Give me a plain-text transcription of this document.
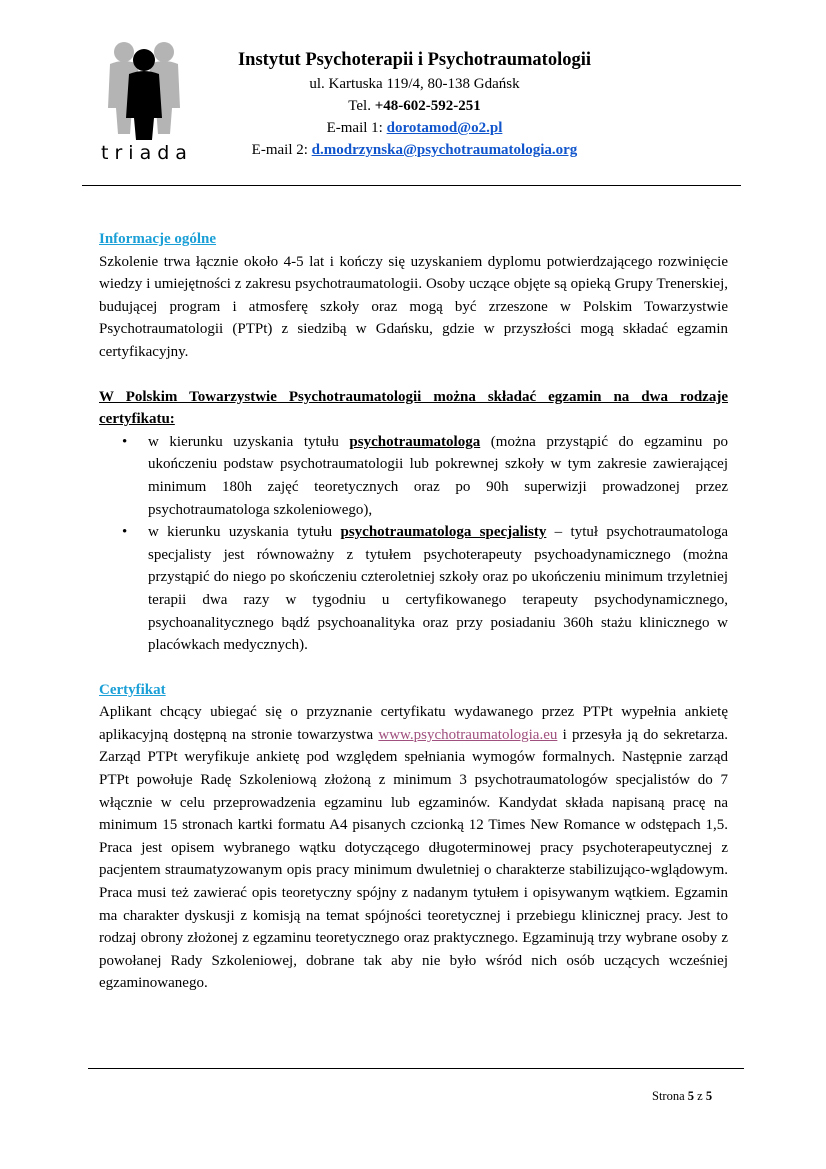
triada
Instytut Psychoterapii i Psychotraumatologii
ul. Kartuska 119/4, 80-138 Gdańsk
Tel. +48-602-592-251
E-mail 1: dorotamod@o2.pl
E-mail 2: d.modrzynska@psychotraumatologia.org
Informacje ogólne

Szkolenie trwa łącznie około 4-5 lat i kończy się uzyskaniem dyplomu potwierdzającego rozwinięcie wiedzy i umiejętności z zakresu psychotraumatologii. Osoby uczące objęte są opieką Grupy Trenerskiej, budującej program i atmosferę szkoły oraz mogą być zrzeszone w Polskim Towarzystwie Psychotraumatologii (PTPt) z siedzibą w Gdańsku, gdzie w przyszłości mogą składać egzamin certyfikacyjny.

W Polskim Towarzystwie Psychotraumatologii można składać egzamin na dwa rodzaje certyfikatu:

• w kierunku uzyskania tytułu psychotraumatologa (można przystąpić do egzaminu po ukończeniu podstaw psychotraumatologii lub pokrewnej szkoły w tym zakresie zawierającej minimum 180h zajęć teoretycznych oraz po 90h superwizji prowadzonej przez psychotraumatologa szkoleniowego),
• w kierunku uzyskania tytułu psychotraumatologa specjalisty – tytuł psychotraumatologa specjalisty jest równoważny z tytułem psychoterapeuty psychoadynamicznego (można przystąpić do niego po skończeniu czteroletniej szkoły oraz po ukończeniu minimum trzyletniej terapii dwa razy w tygodniu u certyfikowanego terapeuty psychodynamicznego, psychoanalitycznego bądź psychoanalityka oraz przy posiadaniu 360h stażu klinicznego w placówkach medycznych).
Certyfikat

Aplikant chcący ubiegać się o przyznanie certyfikatu wydawanego przez PTPt wypełnia ankietę aplikacyjną dostępną na stronie towarzystwa www.psychotraumatologia.eu i przesyła ją do sekretarza. Zarząd PTPt weryfikuje ankietę pod względem spełniania wymogów formalnych. Następnie zarząd PTPt powołuje Radę Szkoleniową złożoną z minimum 3 psychotraumatologów specjalistów do 7 włącznie w celu przeprowadzenia egzaminu lub egzaminów. Kandydat składa napisaną pracę na minimum 15 stronach kartki formatu A4 pisanych czcionką 12 Times New Romance w odstępach 1,5. Praca jest opisem wybranego wątku dotyczącego długoterminowej pracy psychoterapeutycznej z pacjentem straumatyzowanym opis pracy minimum dwuletniej o charakterze stabilizująco-wglądowym. Praca musi też zawierać opis teoretyczny spójny z nadanym tytułem i opisywanym wątkiem. Egzamin ma charakter dyskusji z komisją na temat spójności teoretycznej i przebiegu klinicznej pracy. Jest to rodzaj obrony złożonej z egzaminu teoretycznego oraz praktycznego. Egzaminują trzy wybrane osoby z powołanej Rady Szkoleniowej, dobrane tak aby nie było wśród nich osób uczących wcześniej egzaminowanego.

Strona 5 z 5
